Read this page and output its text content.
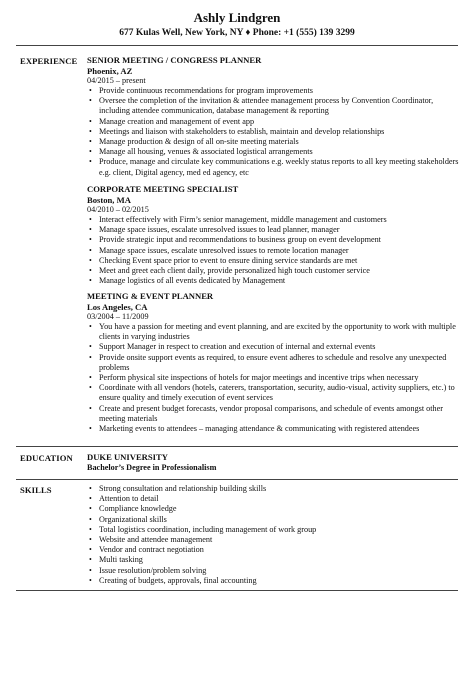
Ashly Lindgren
677 Kulas Well, New York, NY ♦ Phone: +1 (555) 139 3299
EXPERIENCE SENIOR MEETING / CONGRESS PLANNER
Phoenix, AZ
04/2015 – present
• Provide continuous recommendations for program improvements
• Oversee the completion of the invitation & attendee management process by Convention Coordinator, including attendee communication, database management & reporting
• Manage creation and management of event app
• Meetings and liaison with stakeholders to establish, maintain and develop relationships
• Manage production & design of all on-site meeting materials
• Manage all housing, venues & associated logistical arrangements
• Produce, manage and circulate key communications e.g. weekly status reports to all key meeting stakeholders e.g. client, Digital agency, med ed agency, etc
CORPORATE MEETING SPECIALIST
Boston, MA
04/2010 – 02/2015
• Interact effectively with Firm’s senior management, middle management and customers
• Manage space issues, escalate unresolved issues to lead planner, manager
• Provide strategic input and recommendations to business group on event development
• Manage space issues, escalate unresolved issues to remote location manager
• Checking Event space prior to event to ensure dining service standards are met
• Meet and greet each client daily, provide personalized high touch customer service
• Manage logistics of all events dedicated by Management
MEETING & EVENT PLANNER
Los Angeles, CA
03/2004 – 11/2009
• You have a passion for meeting and event planning, and are excited by the opportunity to work with multiple clients in varying industries
• Support Manager in respect to creation and execution of internal and external events
• Provide onsite support events as required, to ensure event adheres to schedule and resolve any unexpected problems
• Perform physical site inspections of hotels for major meetings and incentive trips when necessary
• Coordinate with all vendors (hotels, caterers, transportation, security, audio-visual, activity suppliers, etc.) to ensure quality and timely execution of event services
• Create and present budget forecasts, vendor proposal comparisons, and schedule of events amongst other meeting materials
• Marketing events to attendees – managing attendance & communicating with registered attendees
EDUCATION DUKE UNIVERSITY
Bachelor’s Degree in Professionalism
SKILLS	• Strong consultation and relationship building skills
• Attention to detail
• Compliance knowledge
• Organizational skills
• Total logistics coordination, including management of work group
• Website and attendee management
• Vendor and contract negotiation
• Multi tasking
• Issue resolution/problem solving
• Creating of budgets, approvals, final accounting
